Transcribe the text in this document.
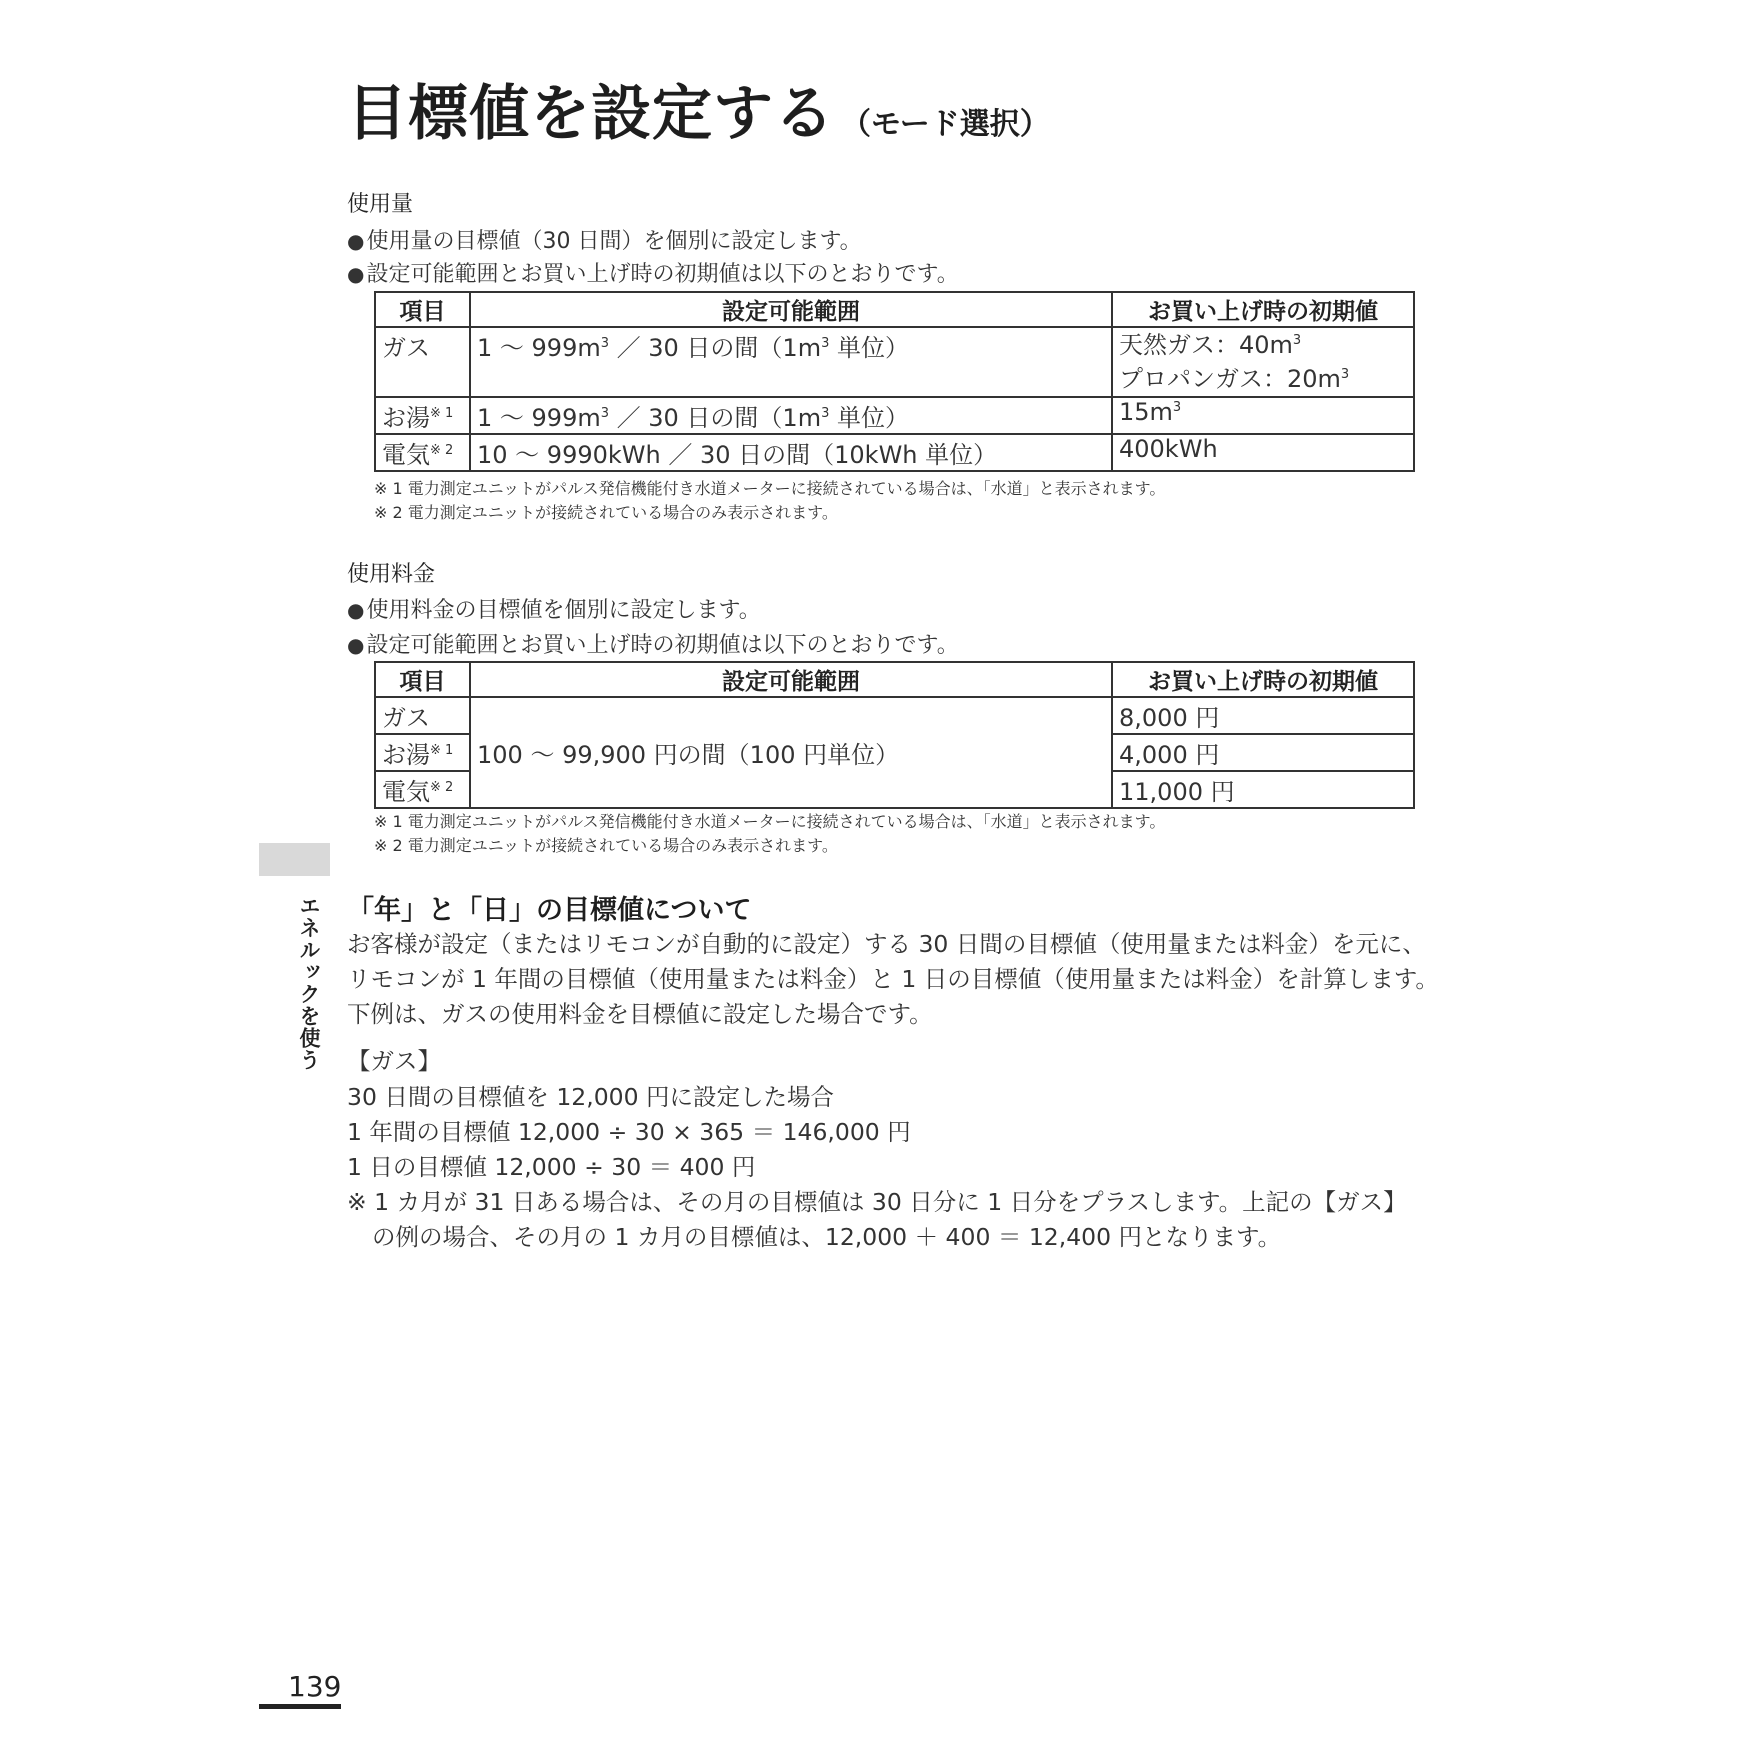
目標値を設定する （モード選択）
使用量
●使用量の目標値（30 日間）を個別に設定します。
●設定可能範囲とお買い上げ時の初期値は以下のとおりです。
項目	設定可能範囲	お買い上げ時の初期値
ガス	1 ～ $999m^3$ ／ 30 日の間（$1m^3$ 単位）	天然ガス：$40m^3$
プロパンガス：$20m^3$
お湯$^{※ 1}$	1 ～ $999m^3$ ／ 30 日の間（$1m^3$ 単位）	$15m^3$
電気$^{※ 2}$	10 ～ 9990kWh ／ 30 日の間（10kWh 単位）	400kWh
※ 1 電力測定ユニットがパルス発信機能付き水道メーターに接続されている場合は、「水道」と表示されます。
※ 2 電力測定ユニットが接続されている場合のみ表示されます。
使用料金
●使用料金の目標値を個別に設定します。
●設定可能範囲とお買い上げ時の初期値は以下のとおりです。
項目	設定可能範囲	お買い上げ時の初期値
ガス	100 ～ 99,900 円の間（100 円単位）	8,000 円
お湯$^{※ 1}$		4,000 円
電気$^{※ 2}$		11,000 円
※ 1 電力測定ユニットがパルス発信機能付き水道メーターに接続されている場合は、「水道」と表示されます。
※ 2 電力測定ユニットが接続されている場合のみ表示されます。
エネルックを使う 「年」と「日」の目標値について
お客様が設定（またはリモコンが自動的に設定）する 30 日間の目標値（使用量または料金）を元に、
リモコンが 1 年間の目標値（使用量または料金）と 1 日の目標値（使用量または料金）を計算します。
下例は、ガスの使用料金を目標値に設定した場合です。
【ガス】
30 日間の目標値を 12,000 円に設定した場合
1 年間の目標値 12,000 ÷ 30 × 365 ＝ 146,000 円
1 日の目標値 12,000 ÷ 30 ＝ 400 円
※ 1 カ月が 31 日ある場合は、その月の目標値は 30 日分に 1 日分をプラスします。上記の【ガス】
の例の場合、その月の 1 カ月の目標値は、12,000 ＋ 400 ＝ 12,400 円となります。
139
